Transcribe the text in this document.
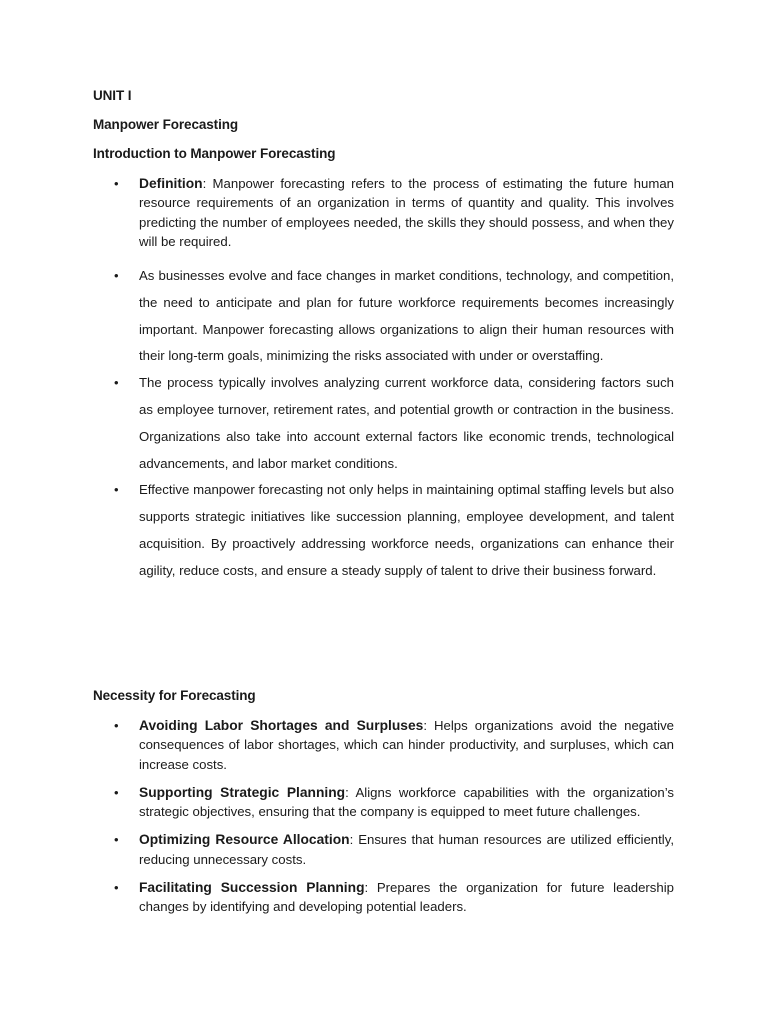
UNIT I
Manpower Forecasting
Introduction to Manpower Forecasting
• Definition: Manpower forecasting refers to the process of estimating the future human resource requirements of an organization in terms of quantity and quality. This involves predicting the number of employees needed, the skills they should possess, and when they will be required.
• As businesses evolve and face changes in market conditions, technology, and competition, the need to anticipate and plan for future workforce requirements becomes increasingly important. Manpower forecasting allows organizations to align their human resources with their long-term goals, minimizing the risks associated with under or overstaffing.
• The process typically involves analyzing current workforce data, considering factors such as employee turnover, retirement rates, and potential growth or contraction in the business. Organizations also take into account external factors like economic trends, technological advancements, and labor market conditions.
• Effective manpower forecasting not only helps in maintaining optimal staffing levels but also supports strategic initiatives like succession planning, employee development, and talent acquisition. By proactively addressing workforce needs, organizations can enhance their agility, reduce costs, and ensure a steady supply of talent to drive their business forward.
Necessity for Forecasting
• Avoiding Labor Shortages and Surpluses: Helps organizations avoid the negative consequences of labor shortages, which can hinder productivity, and surpluses, which can increase costs.
• Supporting Strategic Planning: Aligns workforce capabilities with the organization’s strategic objectives, ensuring that the company is equipped to meet future challenges.
• Optimizing Resource Allocation: Ensures that human resources are utilized efficiently, reducing unnecessary costs.
• Facilitating Succession Planning: Prepares the organization for future leadership changes by identifying and developing potential leaders.
